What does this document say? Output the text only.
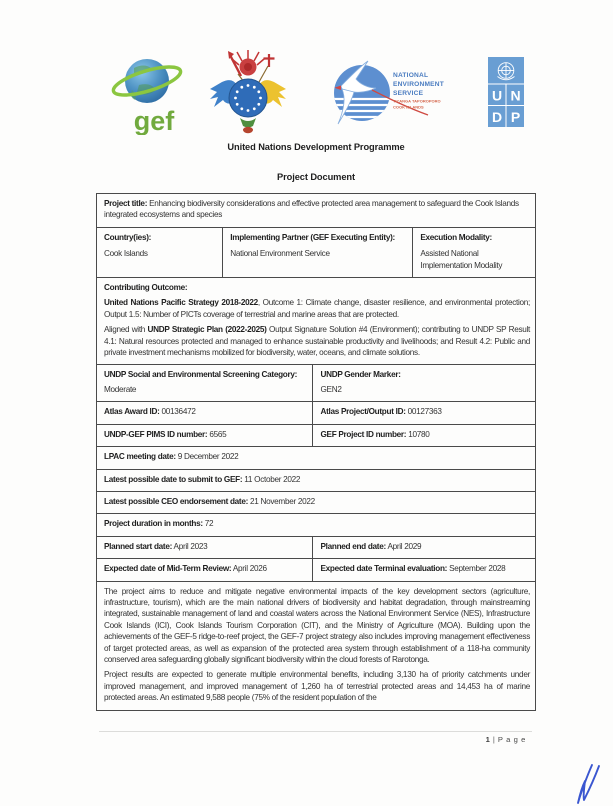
gef
NATIONAL
ENVIRONMENT
SERVICE
TU'ANGA TAPOROPORO
COOK ISLANDS
U N
D P
United Nations Development Programme
Project Document
Project title: Enhancing biodiversity considerations and effective protected area management to safeguard the Cook Islands integrated ecosystems and species
Country(ies):
Cook Islands
Implementing Partner (GEF Executing Entity):
National Environment Service
Execution Modality:
Assisted National Implementation Modality
Contributing Outcome:

United Nations Pacific Strategy 2018-2022, Outcome 1: Climate change, disaster resilience, and environmental protection; Output 1.5: Number of PICTs coverage of terrestrial and marine areas that are protected.

Aligned with UNDP Strategic Plan (2022-2025) Output Signature Solution #4 (Environment); contributing to UNDP SP Result 4.1: Natural resources protected and managed to enhance sustainable productivity and livelihoods; and Result 4.2: Public and private investment mechanisms mobilized for biodiversity, water, oceans, and climate solutions.

UNDP Social and Environmental Screening Category:
Moderate
UNDP Gender Marker:
GEN2
Atlas Award ID: 00136472	Atlas Project/Output ID: 00127363
UNDP-GEF PIMS ID number: 6565	GEF Project ID number: 10780
LPAC meeting date: 9 December 2022
Latest possible date to submit to GEF: 11 October 2022
Latest possible CEO endorsement date: 21 November 2022
Project duration in months: 72
Planned start date: April 2023	Planned end date: April 2029
Expected date of Mid-Term Review: April 2026	Expected date Terminal evaluation: September 2028

The project aims to reduce and mitigate negative environmental impacts of the key development sectors (agriculture, infrastructure, tourism), which are the main national drivers of biodiversity and habitat degradation, through mainstreaming integrated, sustainable management of land and coastal waters across the National Environment Service (NES), Infrastructure Cook Islands (ICI), Cook Islands Tourism Corporation (CIT), and the Ministry of Agriculture (MOA). Building upon the achievements of the GEF-5 ridge-to-reef project, the GEF-7 project strategy also includes improving management effectiveness of target protected areas, as well as expansion of the protected area system through establishment of a 118-ha community conserved area safeguarding globally significant biodiversity within the cloud forests of Rarotonga.

Project results are expected to generate multiple environmental benefits, including 3,130 ha of priority catchments under improved management, and improved management of 1,260 ha of terrestrial protected areas and 14,453 ha of marine protected areas. An estimated 9,588 people (75% of the resident population of the

1 | P a g e
